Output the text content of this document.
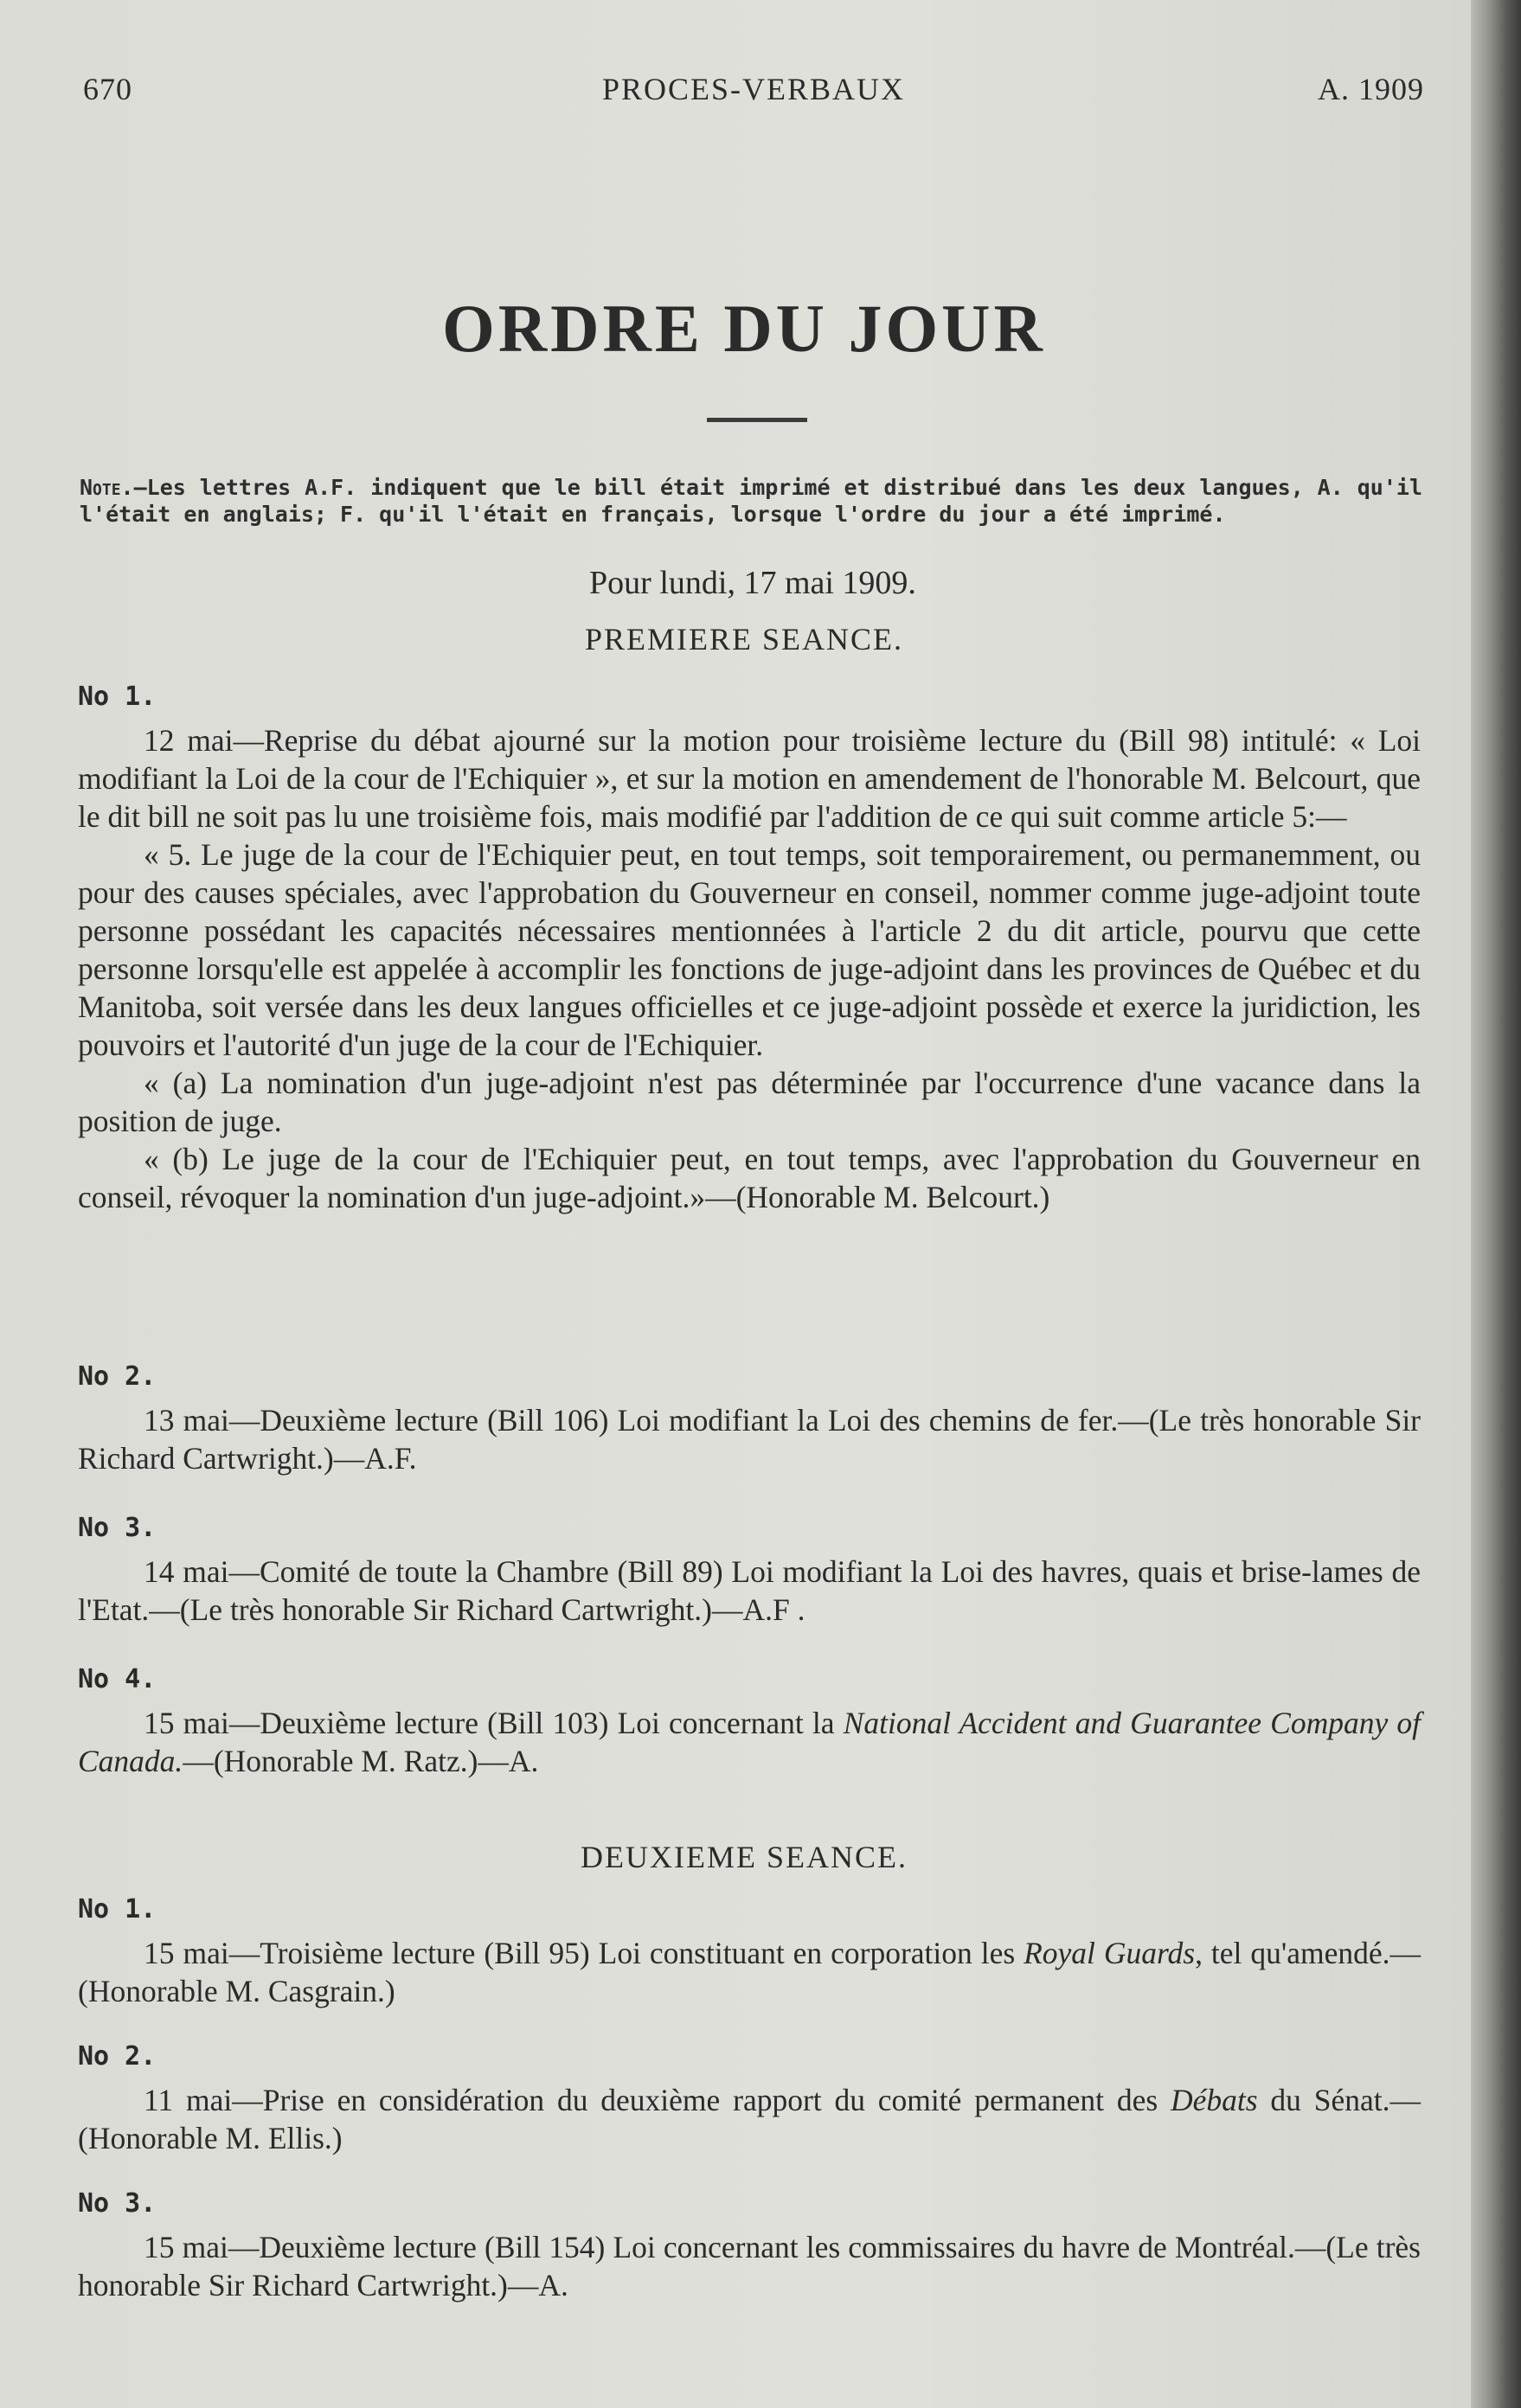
670	PROCES-VERBAUX	A. 1909
ORDRE DU JOUR
Note.—Les lettres A.F. indiquent que le bill était imprimé et distribué dans les deux langues, A. qu'il l'était en anglais; F. qu'il l'était en français, lorsque l'ordre du jour a été imprimé.
Pour lundi, 17 mai 1909.
PREMIERE SEANCE.
No 1.

12 mai—Reprise du débat ajourné sur la motion pour troisième lecture du (Bill 98) intitulé: « Loi modifiant la Loi de la cour de l'Echiquier », et sur la motion en amendement de l'honorable M. Belcourt, que le dit bill ne soit pas lu une troisième fois, mais modifié par l'addition de ce qui suit comme article 5:—

« 5. Le juge de la cour de l'Echiquier peut, en tout temps, soit temporairement, ou permanemment, ou pour des causes spéciales, avec l'approbation du Gouverneur en conseil, nommer comme juge-adjoint toute personne possédant les capacités nécessaires mentionnées à l'article 2 du dit article, pourvu que cette personne lorsqu'elle est appelée à accomplir les fonctions de juge-adjoint dans les provinces de Québec et du Manitoba, soit versée dans les deux langues officielles et ce juge-adjoint possède et exerce la juridiction, les pouvoirs et l'autorité d'un juge de la cour de l'Echiquier.

« (a) La nomination d'un juge-adjoint n'est pas déterminée par l'occurrence d'une vacance dans la position de juge.

« (b) Le juge de la cour de l'Echiquier peut, en tout temps, avec l'approbation du Gouverneur en conseil, révoquer la nomination d'un juge-adjoint.»—(Honorable M. Belcourt.)

No 2.

13 mai—Deuxième lecture (Bill 106) Loi modifiant la Loi des chemins de fer.—(Le très honorable Sir Richard Cartwright.)—A.F.

No 3.

14 mai—Comité de toute la Chambre (Bill 89) Loi modifiant la Loi des havres, quais et brise-lames de l'Etat.—(Le très honorable Sir Richard Cartwright.)—A.F .

No 4.

15 mai—Deuxième lecture (Bill 103) Loi concernant la National Accident and Guarantee Company of Canada.—(Honorable M. Ratz.)—A.

DEUXIEME SEANCE.
No 1.

15 mai—Troisième lecture (Bill 95) Loi constituant en corporation les Royal Guards, tel qu'amendé.—(Honorable M. Casgrain.)

No 2.

11 mai—Prise en considération du deuxième rapport du comité permanent des Débats du Sénat.—(Honorable M. Ellis.)

No 3.

15 mai—Deuxième lecture (Bill 154) Loi concernant les commissaires du havre de Montréal.—(Le très honorable Sir Richard Cartwright.)—A.
